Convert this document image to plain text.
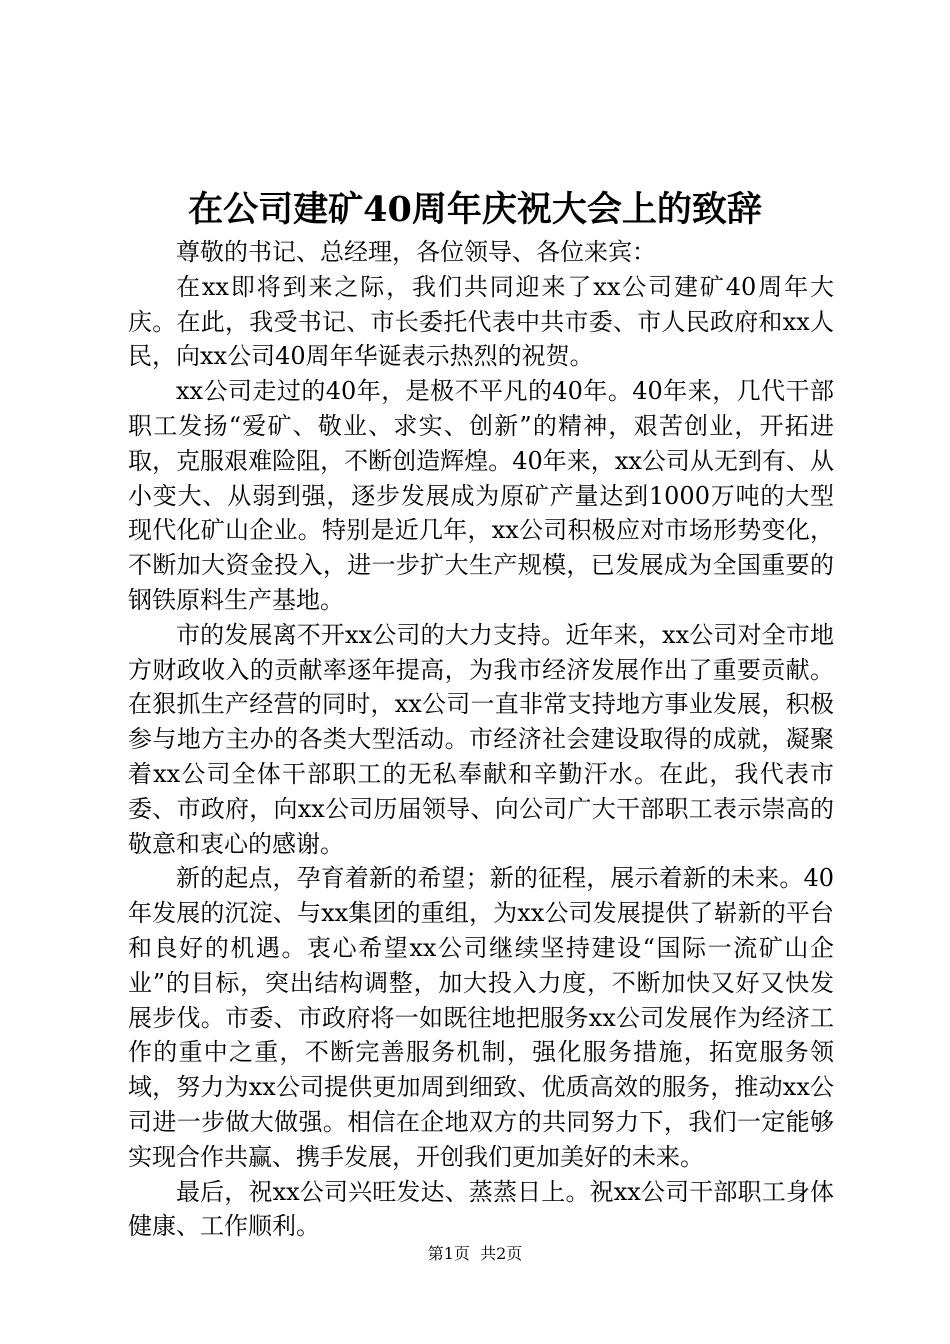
在公司建矿40周年庆祝大会上的致辞

尊敬的书记、总经理，各位领导、各位来宾：

在xx即将到来之际，我们共同迎来了xx公司建矿40周年大庆。在此，我受书记、市长委托代表中共市委、市人民政府和xx人民，向xx公司40周年华诞表示热烈的祝贺。

xx公司走过的40年，是极不平凡的40年。40年来，几代干部职工发扬“爱矿、敬业、求实、创新”的精神，艰苦创业，开拓进取，克服艰难险阻，不断创造辉煌。40年来，xx公司从无到有、从小变大、从弱到强，逐步发展成为原矿产量达到1000万吨的大型现代化矿山企业。特别是近几年，xx公司积极应对市场形势变化，不断加大资金投入，进一步扩大生产规模，已发展成为全国重要的钢铁原料生产基地。

市的发展离不开xx公司的大力支持。近年来，xx公司对全市地方财政收入的贡献率逐年提高，为我市经济发展作出了重要贡献。在狠抓生产经营的同时，xx公司一直非常支持地方事业发展，积极参与地方主办的各类大型活动。市经济社会建设取得的成就，凝聚着xx公司全体干部职工的无私奉献和辛勤汗水。在此，我代表市委、市政府，向xx公司历届领导、向公司广大干部职工表示崇高的敬意和衷心的感谢。

新的起点，孕育着新的希望；新的征程，展示着新的未来。40年发展的沉淀、与xx集团的重组，为xx公司发展提供了崭新的平台和良好的机遇。衷心希望xx公司继续坚持建设“国际一流矿山企业”的目标，突出结构调整，加大投入力度，不断加快又好又快发展步伐。市委、市政府将一如既往地把服务xx公司发展作为经济工作的重中之重，不断完善服务机制，强化服务措施，拓宽服务领域，努力为xx公司提供更加周到细致、优质高效的服务，推动xx公司进一步做大做强。相信在企地双方的共同努力下，我们一定能够实现合作共赢、携手发展，开创我们更加美好的未来。

最后，祝xx公司兴旺发达、蒸蒸日上。祝xx公司干部职工身体健康、工作顺利。

第1页  共2页
